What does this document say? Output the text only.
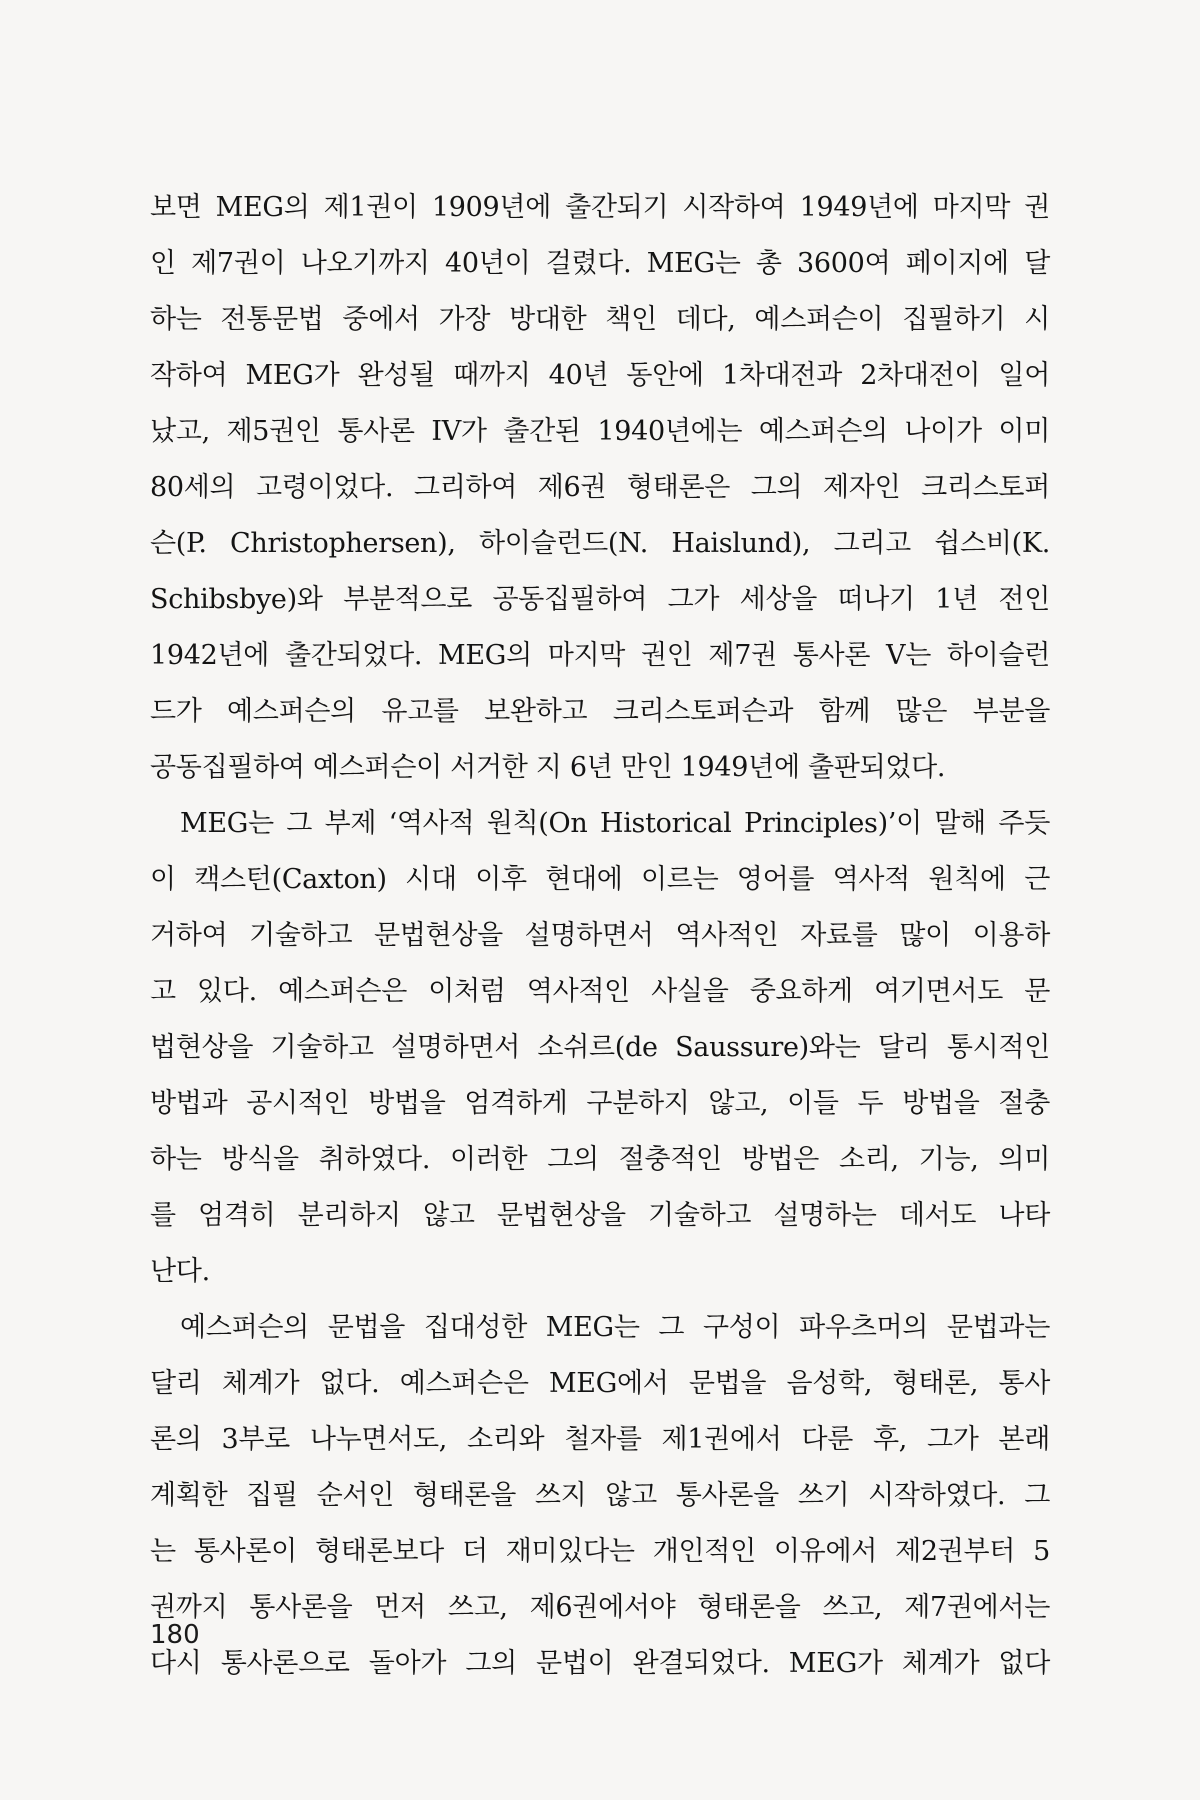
보면 MEG의 제1권이 1909년에 출간되기 시작하여 1949년에 마지막 권
인 제7권이 나오기까지 40년이 걸렸다. MEG는 총 3600여 페이지에 달
하는 전통문법 중에서 가장 방대한 책인 데다, 예스퍼슨이 집필하기 시
작하여 MEG가 완성될 때까지 40년 동안에 1차대전과 2차대전이 일어
났고, 제5권인 통사론 IV가 출간된 1940년에는 예스퍼슨의 나이가 이미
80세의 고령이었다. 그리하여 제6권 형태론은 그의 제자인 크리스토퍼
슨(P. Christophersen), 하이슬런드(N. Haislund), 그리고 쉽스비(K.
Schibsbye)와 부분적으로 공동집필하여 그가 세상을 떠나기 1년 전인
1942년에 출간되었다. MEG의 마지막 권인 제7권 통사론 V는 하이슬런
드가 예스퍼슨의 유고를 보완하고 크리스토퍼슨과 함께 많은 부분을
공동집필하여 예스퍼슨이 서거한 지 6년 만인 1949년에 출판되었다.
MEG는 그 부제 ‘역사적 원칙(On Historical Principles)’이 말해 주듯
이 캑스턴(Caxton) 시대 이후 현대에 이르는 영어를 역사적 원칙에 근
거하여 기술하고 문법현상을 설명하면서 역사적인 자료를 많이 이용하
고 있다. 예스퍼슨은 이처럼 역사적인 사실을 중요하게 여기면서도 문
법현상을 기술하고 설명하면서 소쉬르(de Saussure)와는 달리 통시적인
방법과 공시적인 방법을 엄격하게 구분하지 않고, 이들 두 방법을 절충
하는 방식을 취하였다. 이러한 그의 절충적인 방법은 소리, 기능, 의미
를 엄격히 분리하지 않고 문법현상을 기술하고 설명하는 데서도 나타
난다.
예스퍼슨의 문법을 집대성한 MEG는 그 구성이 파우츠머의 문법과는
달리 체계가 없다. 예스퍼슨은 MEG에서 문법을 음성학, 형태론, 통사
론의 3부로 나누면서도, 소리와 철자를 제1권에서 다룬 후, 그가 본래
계획한 집필 순서인 형태론을 쓰지 않고 통사론을 쓰기 시작하였다. 그
는 통사론이 형태론보다 더 재미있다는 개인적인 이유에서 제2권부터 5
권까지 통사론을 먼저 쓰고, 제6권에서야 형태론을 쓰고, 제7권에서는
다시 통사론으로 돌아가 그의 문법이 완결되었다. MEG가 체계가 없다
180
